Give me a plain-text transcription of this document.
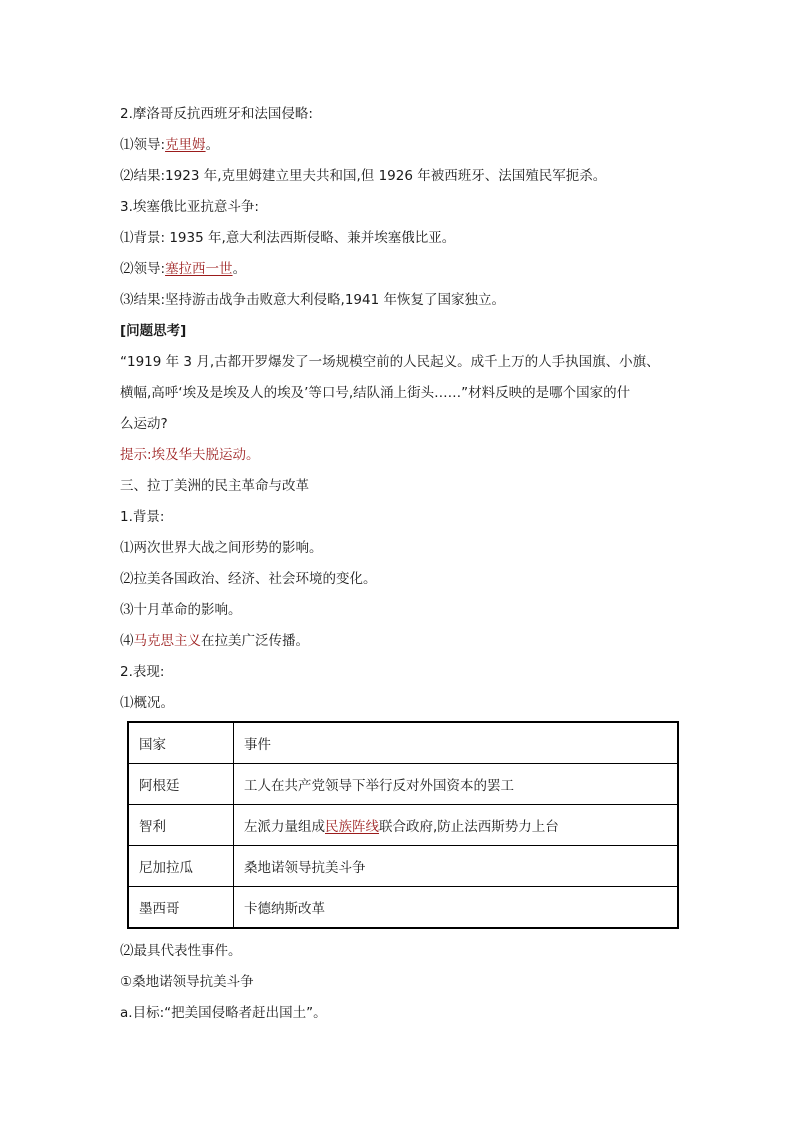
2.摩洛哥反抗西班牙和法国侵略:
⑴领导:克里姆。
⑵结果:1923 年,克里姆建立里夫共和国,但 1926 年被西班牙、法国殖民军扼杀。
3.埃塞俄比亚抗意斗争:
⑴背景: 1935 年,意大利法西斯侵略、兼并埃塞俄比亚。
⑵领导:塞拉西一世。
⑶结果:坚持游击战争击败意大利侵略,1941 年恢复了国家独立。
[问题思考]
“1919 年 3 月,古都开罗爆发了一场规模空前的人民起义。成千上万的人手执国旗、小旗、
横幅,高呼‘埃及是埃及人的埃及’等口号,结队涌上街头……”材料反映的是哪个国家的什
么运动?
提示:埃及华夫脱运动。
三、拉丁美洲的民主革命与改革
1.背景:
⑴两次世界大战之间形势的影响。
⑵拉美各国政治、经济、社会环境的变化。
⑶十月革命的影响。
⑷马克思主义在拉美广泛传播。
2.表现:
⑴概况。
国家	事件
阿根廷	工人在共产党领导下举行反对外国资本的罢工
智利	左派力量组成民族阵线联合政府,防止法西斯势力上台
尼加拉瓜	桑地诺领导抗美斗争
墨西哥	卡德纳斯改革
⑵最具代表性事件。
①桑地诺领导抗美斗争
a.目标:“把美国侵略者赶出国土”。
